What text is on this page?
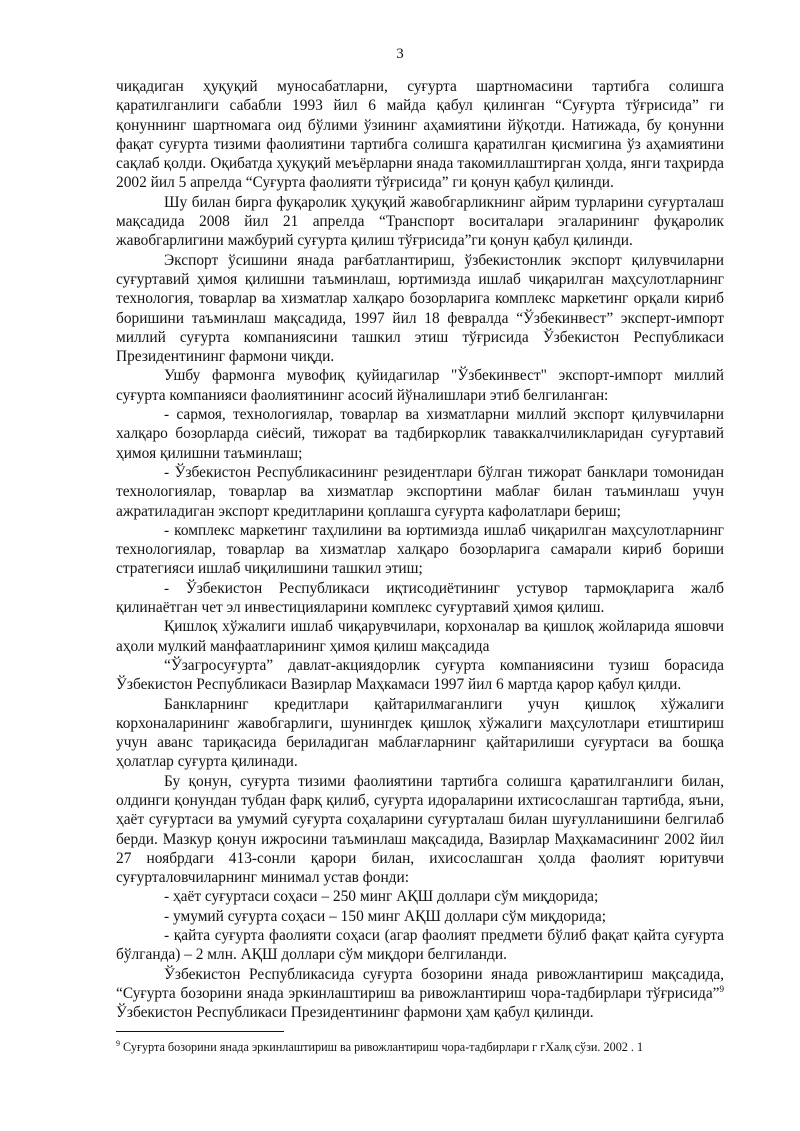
3

чиқадиган ҳуқуқий муносабатларни, суғурта шартномасини тартибга солишга қаратилганлиги сабабли 1993 йил 6 майда қабул қилинган “Суғурта тўғрисида” ги қонуннинг шартномага оид бўлими ўзининг аҳамиятини йўқотди. Натижада, бу қонунни фақат суғурта тизими фаолиятини тартибга солишга қаратилган қисмигина ўз аҳамиятини сақлаб қолди. Оқибатда ҳуқуқий меъёрларни янада такомиллаштирган ҳолда, янги таҳрирда 2002 йил 5 апрелда “Суғурта фаолияти тўғрисида” ги қонун қабул қилинди.

Шу билан бирга фуқаролик ҳуқуқий жавобгарликнинг айрим турларини суғурталаш мақсадида 2008 йил 21 апрелда “Транспорт воситалари эгаларининг фуқаролик жавобгарлигини мажбурий суғурта қилиш тўғрисида”ги қонун қабул қилинди.

Экспорт ўсишини янада рағбатлантириш, ўзбекистонлик экспорт қилувчиларни суғуртавий ҳимоя қилишни таъминлаш, юртимизда ишлаб чиқарилган маҳсулотларнинг технология, товарлар ва хизматлар халқаро бозорларига комплекс маркетинг орқали кириб боришини таъминлаш мақсадида, 1997 йил 18 февралда “Ўзбекинвест” эксперт-импорт миллий суғурта компаниясини ташкил этиш тўғрисида Ўзбекистон Республикаси Президентининг фармони чиқди.

Ушбу фармонга мувофиқ қуйидагилар "Ўзбекинвест" экспорт-импорт миллий суғурта компанияси фаолиятининг асосий йўналишлари этиб белгиланган:

- сармоя, технологиялар, товарлар ва хизматларни миллий экспорт қилувчиларни халқаро бозорларда сиёсий, тижорат ва тадбиркорлик таваккалчиликларидан суғуртавий ҳимоя қилишни таъминлаш;

- Ўзбекистон Республикасининг резидентлари бўлган тижорат банклари томонидан технологиялар, товарлар ва хизматлар экспортини маблағ билан таъминлаш учун ажратиладиган экспорт кредитларини қоплашга суғурта кафолатлари бериш;

- комплекс маркетинг таҳлилини ва юртимизда ишлаб чиқарилган маҳсулотларнинг технологиялар, товарлар ва хизматлар халқаро бозорларига самарали кириб бориши стратегияси ишлаб чиқилишини ташкил этиш;

- Ўзбекистон Республикаси иқтисодиётининг устувор тармоқларига жалб қилинаётган чет эл инвестицияларини комплекс суғуртавий ҳимоя қилиш.

Қишлоқ хўжалиги ишлаб чиқарувчилари, корхоналар ва қишлоқ жойларида яшовчи аҳоли мулкий манфаатларининг ҳимоя қилиш мақсадида

“Ўзагросуғурта” давлат-акциядорлик суғурта компаниясини тузиш борасида Ўзбекистон Республикаси Вазирлар Маҳкамаси 1997 йил 6 мартда қарор қабул қилди.

Банкларнинг кредитлари қайтарилмаганлиги учун қишлоқ хўжалиги корхоналарининг жавобгарлиги, шунингдек қишлоқ хўжалиги маҳсулотлари етиштириш учун аванс тариқасида бериладиган маблағларнинг қайтарилиши суғуртаси ва бошқа ҳолатлар суғурта қилинади.

Бу қонун, суғурта тизими фаолиятини тартибга солишга қаратилганлиги билан, олдинги қонундан тубдан фарқ қилиб, суғурта идораларини ихтисослашган тартибда, яъни, ҳаёт суғуртаси ва умумий суғурта соҳаларини суғурталаш билан шуғулланишини белгилаб берди. Мазкур қонун ижросини таъминлаш мақсадида, Вазирлар Маҳкамасининг 2002 йил 27 ноябрдаги 413-сонли қарори билан, ихисослашган ҳолда фаолият юритувчи суғурталовчиларнинг минимал устав фонди:

- ҳаёт суғуртаси соҳаси – 250 минг АҚШ доллари сўм миқдорида;

- умумий суғурта соҳаси – 150 минг АҚШ доллари сўм миқдорида;

- қайта суғурта фаолияти соҳаси (агар фаолият предмети бўлиб фақат қайта суғурта бўлганда) – 2 млн. АҚШ доллари сўм миқдори белгиланди.

Ўзбекистон Республикасида суғурта бозорини янада ривожлантириш мақсадида, “Суғурта бозорини янада эркинлаштириш ва ривожлантириш чора-тадбирлари тўғрисида”$^9$ Ўзбекистон Республикаси Президентининг фармони ҳам қабул қилинди.

$^9$ Суғурта бозорини янада эркинлаштириш ва ривожлантириш чора-тадбирлари г гХалқ сўзи. 2002 . 1
